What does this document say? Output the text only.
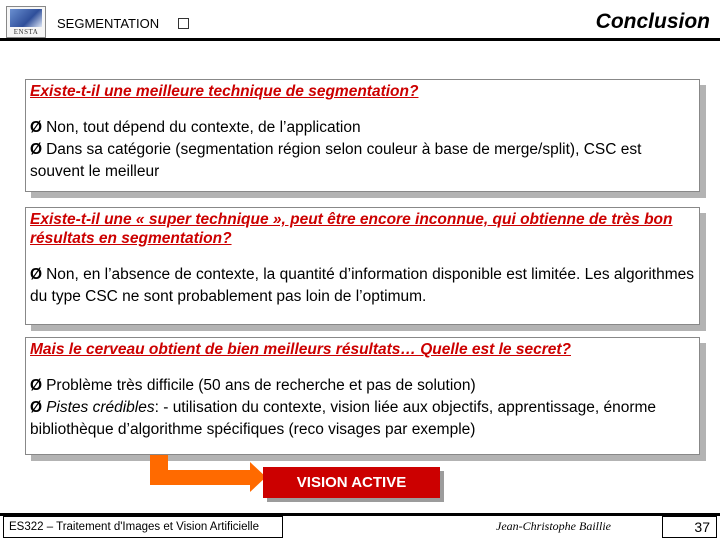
ENSTA
SEGMENTATION	Conclusion
Existe-t-il une meilleure technique de segmentation?
Ø Non, tout dépend du contexte, de l’application
Ø Dans sa catégorie (segmentation région selon couleur à base de merge/split), CSC est souvent le meilleur
Existe-t-il une « super technique », peut être encore inconnue, qui obtienne de très bon résultats en segmentation?
Ø Non, en l’absence de contexte, la quantité d’information disponible est limitée. Les algorithmes du type CSC ne sont probablement pas loin de l’optimum.
Mais le cerveau obtient de bien meilleurs résultats… Quelle est le secret?
Ø Problème très difficile (50 ans de recherche et pas de solution)
Ø Pistes crédibles: - utilisation du contexte, vision liée aux objectifs, apprentissage, énorme bibliothèque d’algorithme spécifiques (reco visages par exemple)
VISION ACTIVE
ES322 – Traitement d'Images et Vision Artificielle	Jean-Christophe Baillie	37
